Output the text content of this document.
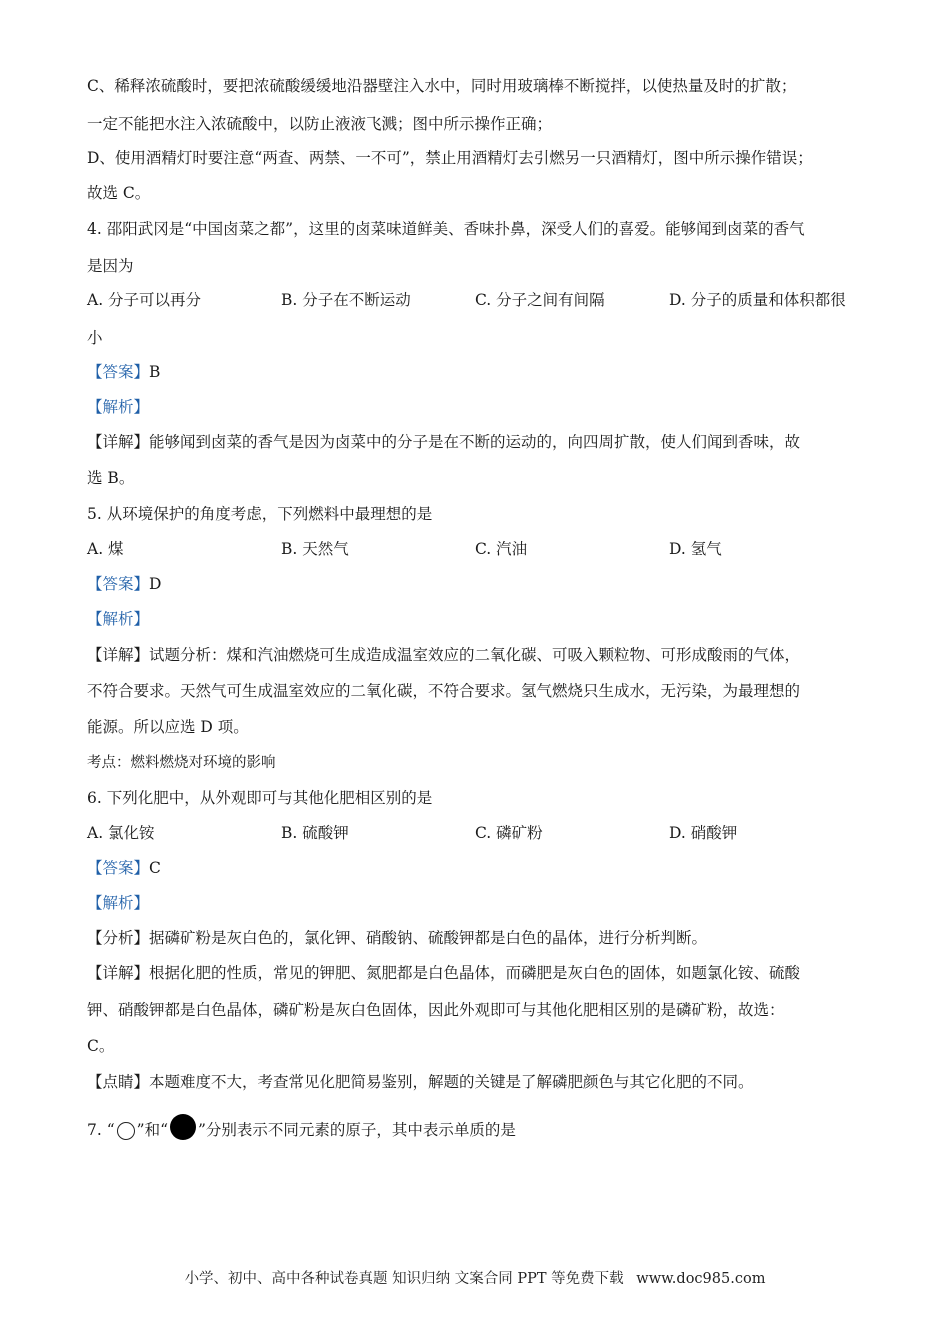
C、稀释浓硫酸时，要把浓硫酸缓缓地沿器壁注入水中，同时用玻璃棒不断搅拌，以使热量及时的扩散；
一定不能把水注入浓硫酸中，以防止液液飞溅；图中所示操作正确；
D、使用酒精灯时要注意“两查、两禁、一不可”，禁止用酒精灯去引燃另一只酒精灯，图中所示操作错误；
故选 C。
4. 邵阳武冈是“中国卤菜之都”，这里的卤菜味道鲜美、香味扑鼻，深受人们的喜爱。能够闻到卤菜的香气
是因为
A. 分子可以再分	B. 分子在不断运动	C. 分子之间有间隔	D. 分子的质量和体积都很
小
【答案】B
【解析】
【详解】能够闻到卤菜的香气是因为卤菜中的分子是在不断的运动的，向四周扩散，使人们闻到香味，故
选 B。
5. 从环境保护的角度考虑，下列燃料中最理想的是
A. 煤	B. 天然气	C. 汽油	D. 氢气
【答案】D
【解析】
【详解】试题分析：煤和汽油燃烧可生成造成温室效应的二氧化碳、可吸入颗粒物、可形成酸雨的气体，
不符合要求。天然气可生成温室效应的二氧化碳，不符合要求。氢气燃烧只生成水，无污染，为最理想的
能源。所以应选 D 项。
考点：燃料燃烧对环境的影响
6. 下列化肥中，从外观即可与其他化肥相区别的是
A. 氯化铵	B. 硫酸钾	C. 磷矿粉	D. 硝酸钾
【答案】C
【解析】
【分析】据磷矿粉是灰白色的，氯化钾、硝酸钠、硫酸钾都是白色的晶体，进行分析判断。
【详解】根据化肥的性质，常见的钾肥、氮肥都是白色晶体，而磷肥是灰白色的固体，如题氯化铵、硫酸
钾、硝酸钾都是白色晶体，磷矿粉是灰白色固体，因此外观即可与其他化肥相区别的是磷矿粉，故选：
C。
【点睛】本题难度不大，考查常见化肥简易鉴别，解题的关键是了解磷肥颜色与其它化肥的不同。
7. “ ”和“ ”分别表示不同元素的原子，其中表示单质的是
小学、初中、高中各种试卷真题 知识归纳 文案合同 PPT 等免费下载 www.doc985.com
